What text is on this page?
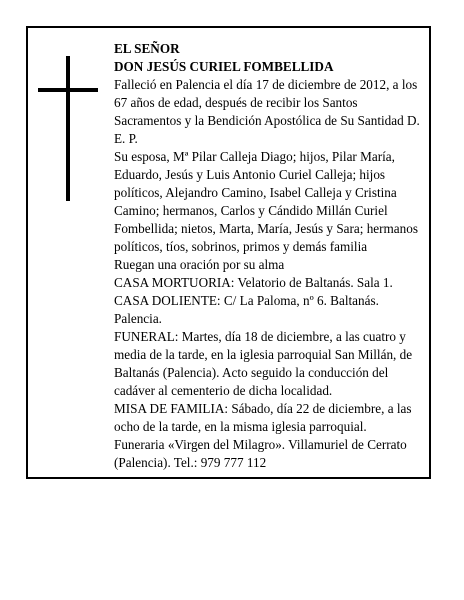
EL SEÑOR

DON JESÚS CURIEL FOMBELLIDA

Falleció en Palencia el día 17 de diciembre de 2012, a los 67 años de edad, después de recibir los Santos Sacramentos y la Bendición Apostólica de Su Santidad D. E. P.

Su esposa, Mª Pilar Calleja Diago; hijos, Pilar María, Eduardo, Jesús y Luis Antonio Curiel Calleja; hijos políticos, Alejandro Camino, Isabel Calleja y Cristina Camino; hermanos, Carlos y Cándido Millán Curiel Fombellida; nietos, Marta, María, Jesús y Sara; hermanos políticos, tíos, sobrinos, primos y demás familia

Ruegan una oración por su alma

CASA MORTUORIA: Velatorio de Baltanás. Sala 1.

CASA DOLIENTE: C/ La Paloma, nº 6. Baltanás. Palencia.

FUNERAL: Martes, día 18 de diciembre, a las cuatro y media de la tarde, en la iglesia parroquial San Millán, de Baltanás (Palencia). Acto seguido la conducción del cadáver al cementerio de dicha localidad.

MISA DE FAMILIA: Sábado, día 22 de diciembre, a las ocho de la tarde, en la misma iglesia parroquial.

Funeraria «Virgen del Milagro». Villamuriel de Cerrato (Palencia). Tel.: 979 777 112
